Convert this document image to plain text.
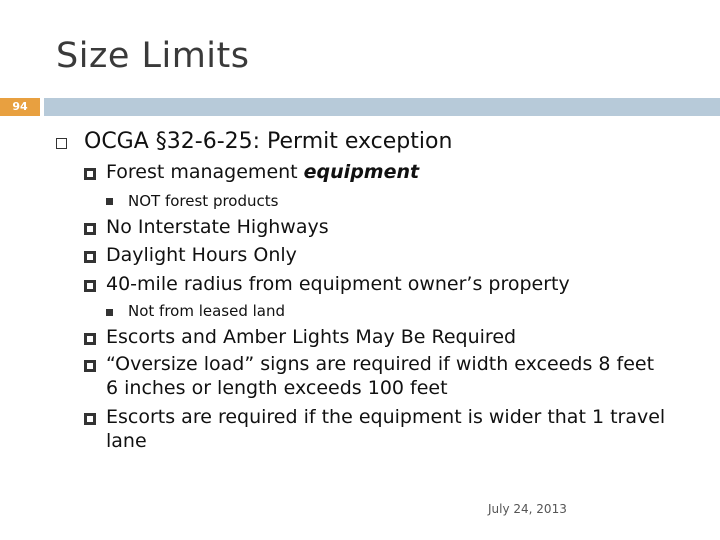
Size Limits
94
OCGA §32-6-25: Permit exception
Forest management equipment
NOT forest products
No Interstate Highways
Daylight Hours Only
40-mile radius from equipment owner’s property
Not from leased land
Escorts and Amber Lights May Be Required
“Oversize load” signs are required if width exceeds 8 feet
6 inches or length exceeds 100 feet
Escorts are required if the equipment is wider that 1 travel
lane
July 24, 2013
